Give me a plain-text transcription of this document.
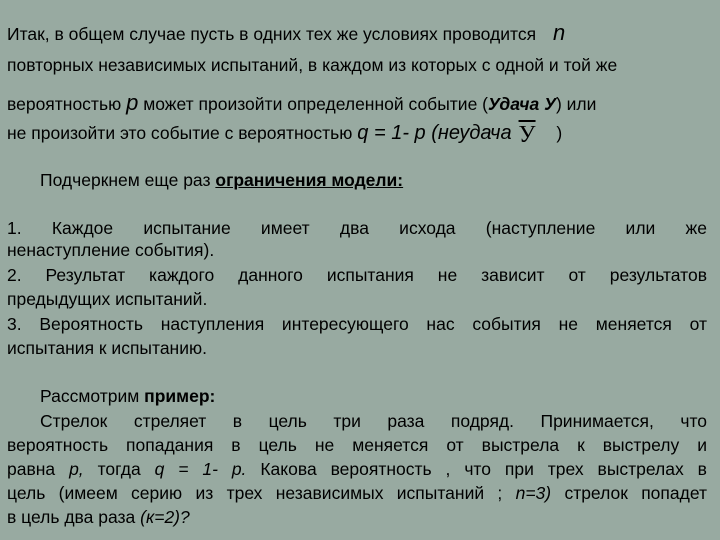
Итак, в общем случае пусть в одних тех же условиях проводится n
повторных независимых испытаний, в каждом из которых с одной и той же
вероятностью p может произойти определенной событие (Удача У) или
не произойти это событие с вероятностью q = 1- p (неудача У )
Подчеркнем еще раз ограничения модели:
1. Каждое испытание имеет два исхода (наступление или же
ненаступление события).
2. Результат каждого данного испытания не зависит от результатов
предыдущих испытаний.
3. Вероятность наступления интересующего нас события не меняется от
испытания к испытанию.
Рассмотрим пример:
Стрелок стреляет в цель три раза подряд. Принимается, что
вероятность попадания в цель не меняется от выстрела к выстрелу и
равна p, тогда q = 1- p. Какова вероятность , что при трех выстрелах в
цель (имеем серию из трех независимых испытаний ; n=3) стрелок попадет
в цель два раза (к=2)?
